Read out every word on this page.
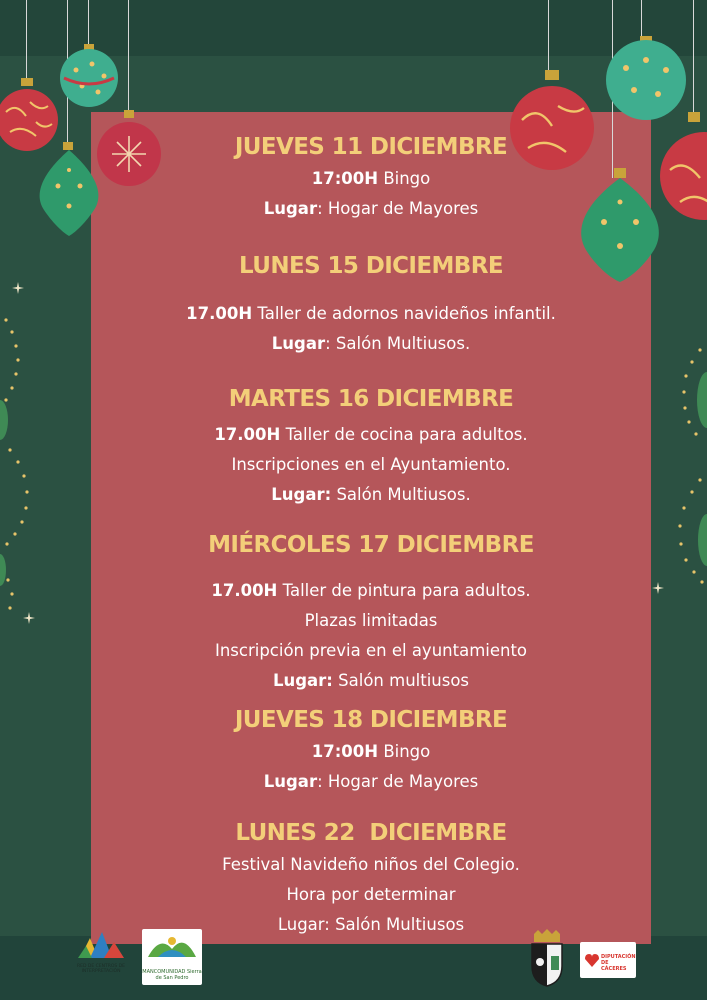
JUEVES 11 DICIEMBRE

17:00H Bingo

Lugar: Hogar de Mayores

LUNES 15 DICIEMBRE

17.00H Taller de adornos navideños infantil.

Lugar: Salón Multiusos.

MARTES 16 DICIEMBRE

17.00H Taller de cocina para adultos.

Inscripciones en el Ayuntamiento.

Lugar: Salón Multiusos.

MIÉRCOLES 17 DICIEMBRE

17.00H Taller de pintura para adultos.

Plazas limitadas

Inscripción previa en el ayuntamiento

Lugar: Salón multiusos

JUEVES 18 DICIEMBRE

17:00H Bingo

Lugar: Hogar de Mayores

LUNES 22  DICIEMBRE

Festival Navideño niños del Colegio.

Hora por determinar

Lugar: Salón Multiusos

RED DE CENTROS DE INTERPRETACIÓN	MANCOMUNIDAD Sierra de San Pedro
DIPUTACIÓN DE CÁCERES
